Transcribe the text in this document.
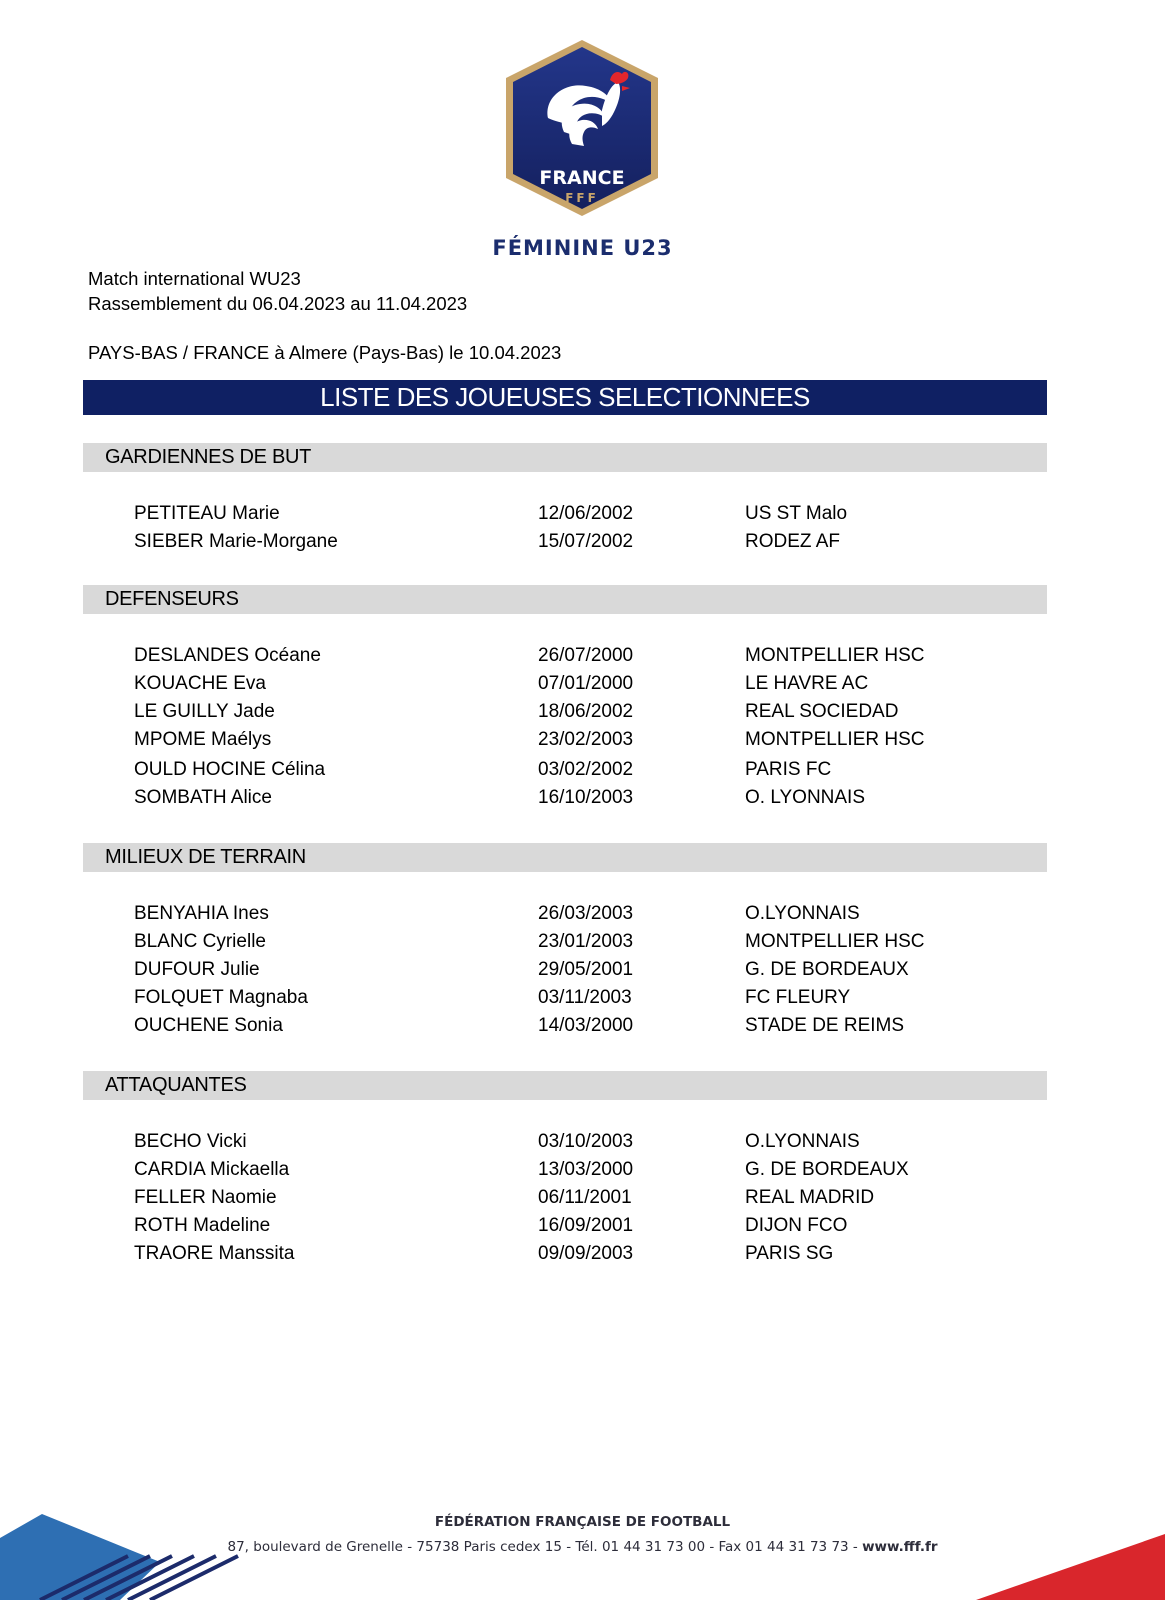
FRANCE
FFF
FÉMININE U23
Match international WU23
Rassemblement du 06.04.2023 au 11.04.2023
PAYS-BAS / FRANCE à Almere (Pays-Bas) le 10.04.2023
LISTE DES JOUEUSES SELECTIONNEES
GARDIENNES DE BUT
PETITEAU Marie	12/06/2002	US ST Malo
SIEBER Marie-Morgane	15/07/2002	RODEZ AF
DEFENSEURS
DESLANDES Océane	26/07/2000	MONTPELLIER HSC
KOUACHE Eva	07/01/2000	LE HAVRE AC
LE GUILLY Jade	18/06/2002	REAL SOCIEDAD
MPOME Maélys	23/02/2003	MONTPELLIER HSC
OULD HOCINE Célina	03/02/2002	PARIS FC
SOMBATH Alice	16/10/2003	O. LYONNAIS
MILIEUX DE TERRAIN
BENYAHIA Ines	26/03/2003	O.LYONNAIS
BLANC Cyrielle	23/01/2003	MONTPELLIER HSC
DUFOUR Julie	29/05/2001	G. DE BORDEAUX
FOLQUET Magnaba	03/11/2003	FC FLEURY
OUCHENE Sonia	14/03/2000	STADE DE REIMS
ATTAQUANTES
BECHO Vicki	03/10/2003	O.LYONNAIS
CARDIA Mickaella	13/03/2000	G. DE BORDEAUX
FELLER Naomie	06/11/2001	REAL MADRID
ROTH Madeline	16/09/2001	DIJON FCO
TRAORE Manssita	09/09/2003	PARIS SG
FÉDÉRATION FRANÇAISE DE FOOTBALL
87, boulevard de Grenelle - 75738 Paris cedex 15 - Tél. 01 44 31 73 00 - Fax 01 44 31 73 73 - www.fff.fr
